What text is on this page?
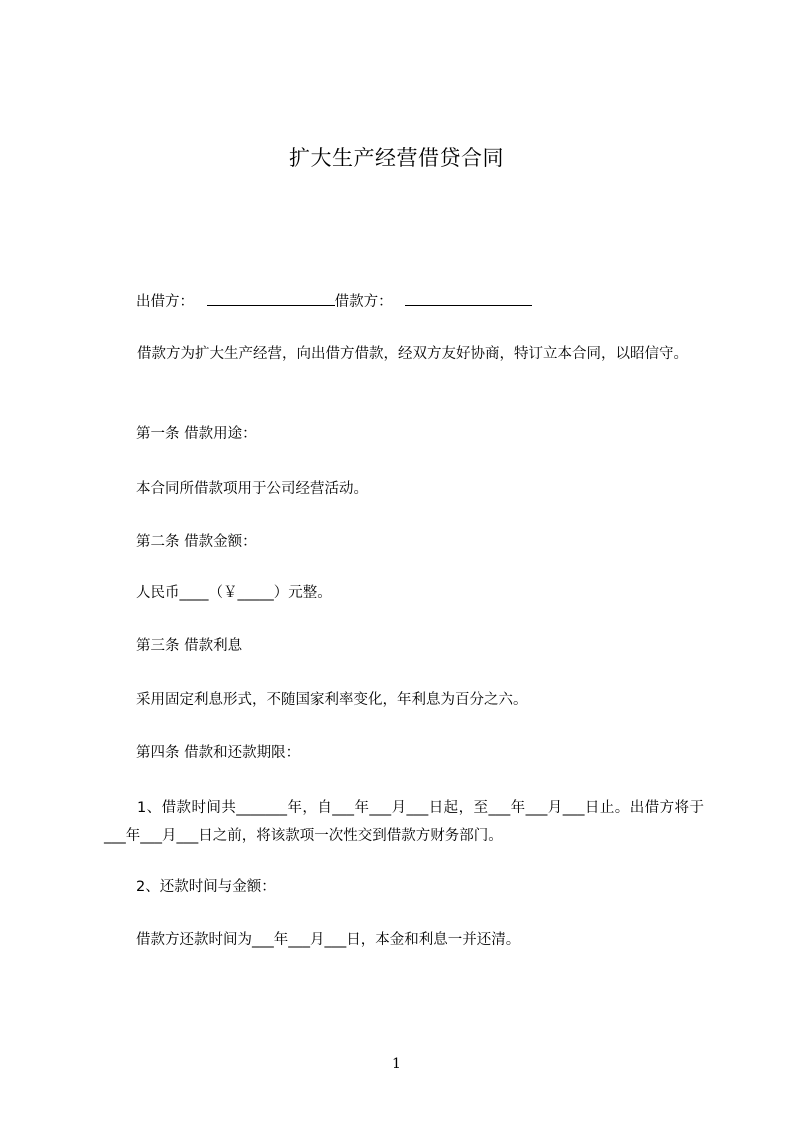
扩大生产经营借贷合同
出借方：	借款方：
借款方为扩大生产经营，向出借方借款，经双方友好协商，特订立本合同，以昭信守。
第一条 借款用途：
本合同所借款项用于公司经营活动。
第二条 借款金额：
人民币____（￥_____）元整。
第三条 借款利息
采用固定利息形式，不随国家利率变化，年利息为百分之六。
第四条 借款和还款期限：
1、借款时间共_______年，自___年___月___日起，至___年___月___日止。出借方将于___年___月___日之前，将该款项一次性交到借款方财务部门。
2、还款时间与金额：
借款方还款时间为___年___月___日，本金和利息一并还清。
1
